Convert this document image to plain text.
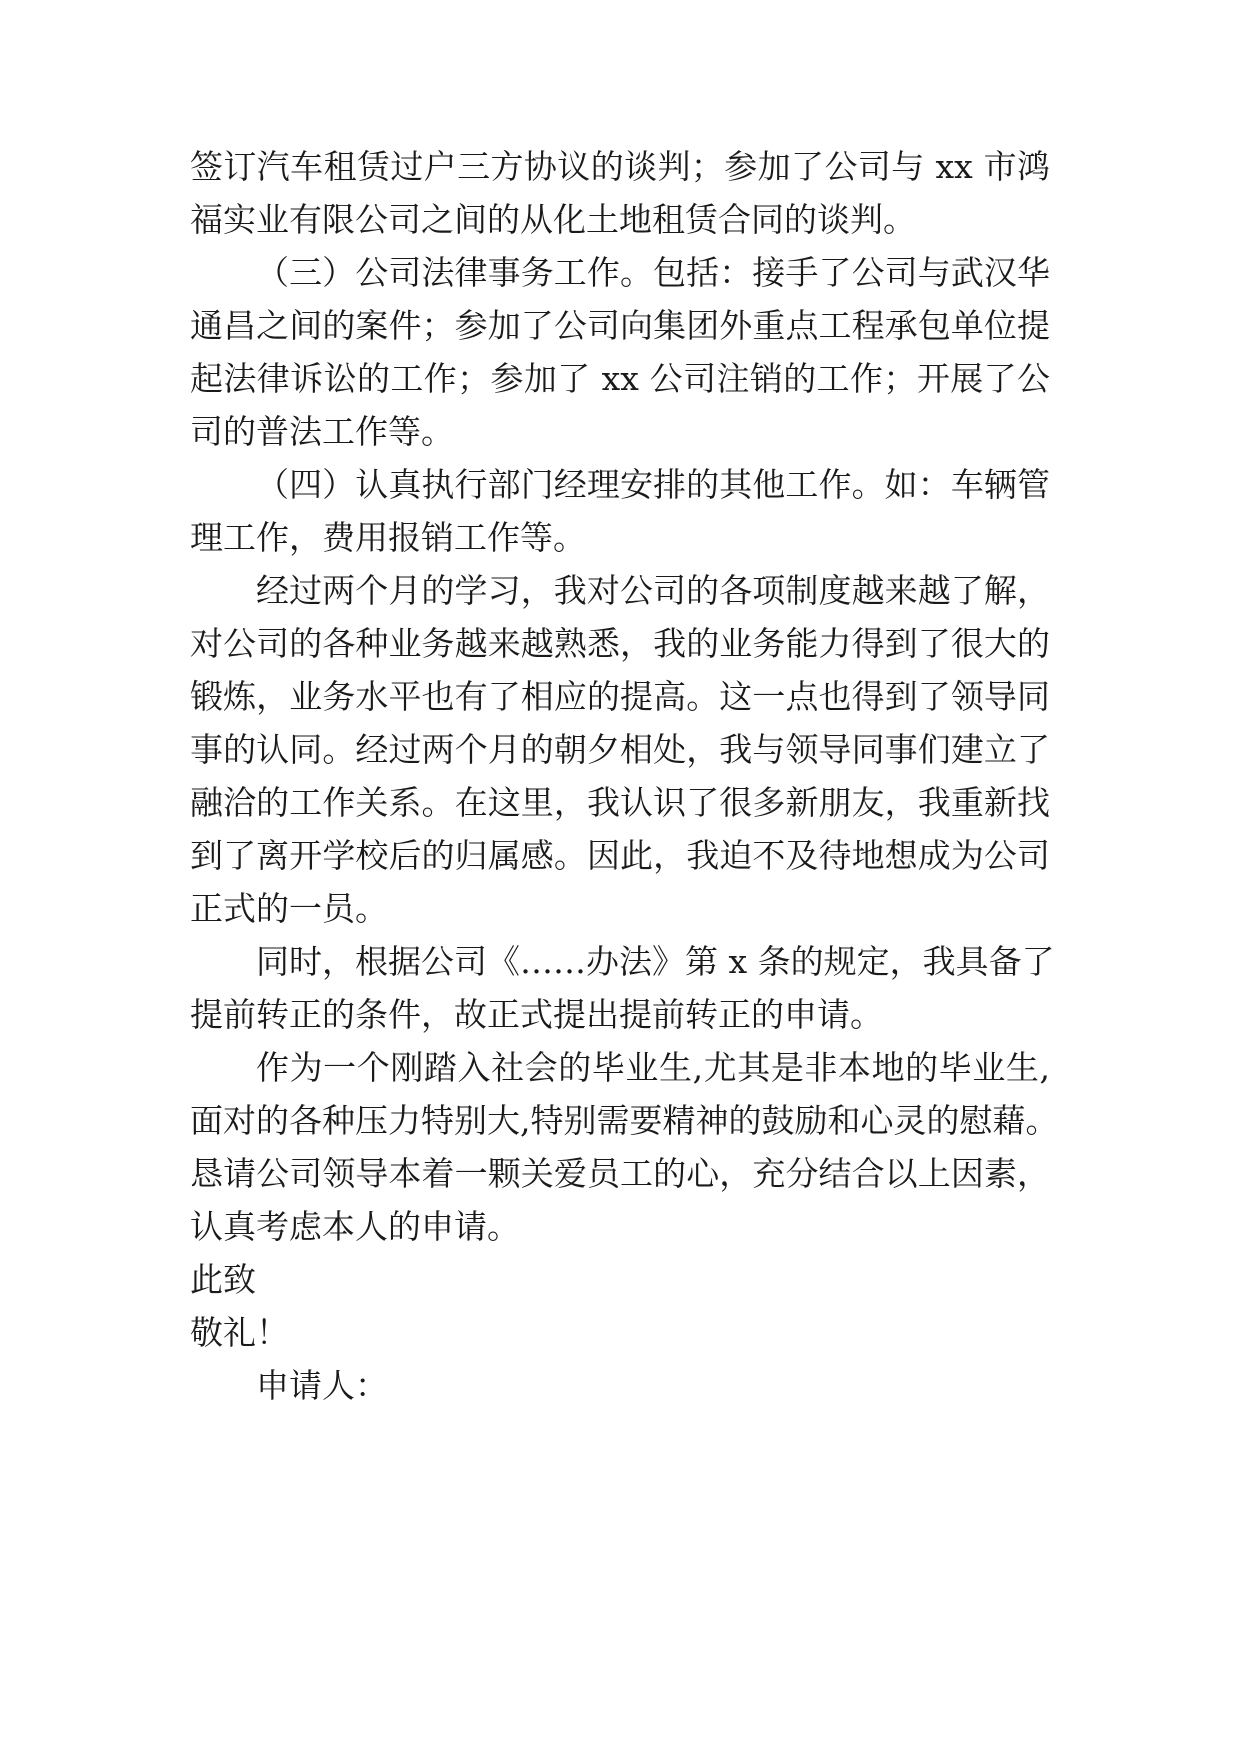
签订汽车租赁过户三方协议的谈判；参加了公司与 xx 市鸿
福实业有限公司之间的从化土地租赁合同的谈判。
（三）公司法律事务工作。包括：接手了公司与武汉华
通昌之间的案件；参加了公司向集团外重点工程承包单位提
起法律诉讼的工作；参加了 xx 公司注销的工作；开展了公
司的普法工作等。
（四）认真执行部门经理安排的其他工作。如：车辆管
理工作，费用报销工作等。
经过两个月的学习，我对公司的各项制度越来越了解，
对公司的各种业务越来越熟悉，我的业务能力得到了很大的
锻炼，业务水平也有了相应的提高。这一点也得到了领导同
事的认同。经过两个月的朝夕相处，我与领导同事们建立了
融洽的工作关系。在这里，我认识了很多新朋友，我重新找
到了离开学校后的归属感。因此，我迫不及待地想成为公司
正式的一员。
同时，根据公司《……办法》第 x 条的规定，我具备了
提前转正的条件，故正式提出提前转正的申请。
作为一个刚踏入社会的毕业生,尤其是非本地的毕业生,
面对的各种压力特别大,特别需要精神的鼓励和心灵的慰藉。
恳请公司领导本着一颗关爱员工的心，充分结合以上因素，
认真考虑本人的申请。
此致
敬礼！
申请人：
